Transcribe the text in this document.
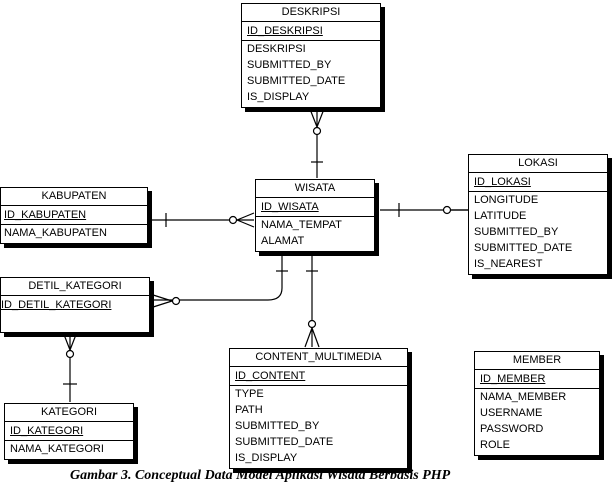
DESKRIPSI
ID_DESKRIPSI
DESKRIPSI
SUBMITTED_BY
SUBMITTED_DATE
IS_DISPLAY
WISATA
ID_WISATA
NAMA_TEMPAT
ALAMAT
LOKASI
ID_LOKASI
LONGITUDE
LATITUDE
SUBMITTED_BY
SUBMITTED_DATE
IS_NEAREST
KABUPATEN
ID_KABUPATEN
NAMA_KABUPATEN
DETIL_KATEGORI
ID_DETIL_KATEGORI
KATEGORI
ID_KATEGORI
NAMA_KATEGORI
CONTENT_MULTIMEDIA
ID_CONTENT
TYPE
PATH
SUBMITTED_BY
SUBMITTED_DATE
IS_DISPLAY
MEMBER
ID_MEMBER
NAMA_MEMBER
USERNAME
PASSWORD
ROLE
Gambar 3. Conceptual Data Model Aplikasi Wisata Berbasis PHP
